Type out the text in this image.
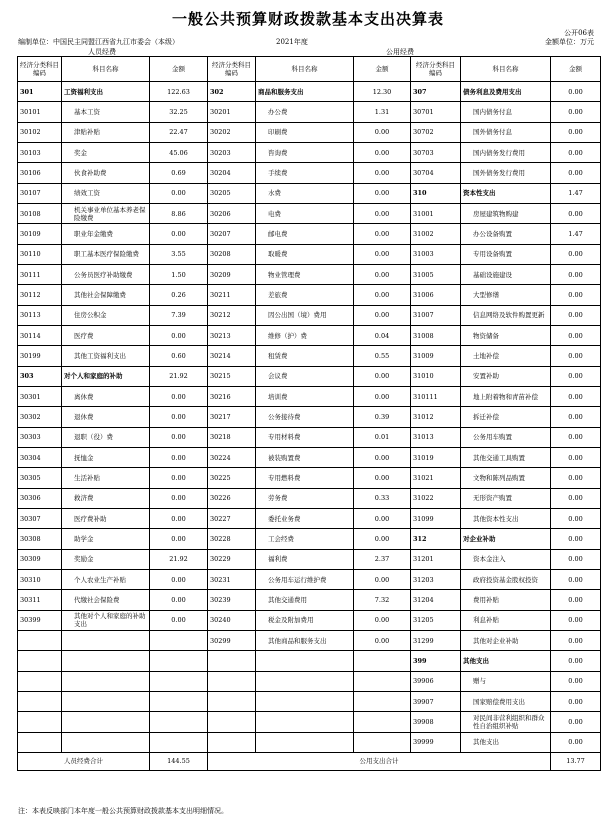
一般公共预算财政拨款基本支出决算表
公开06表
编制单位：中国民主同盟江西省九江市委会（本级）	2021年度	金额单位：万元
人员经费	公用经费
经济分类科目编码	科目名称	金额	经济分类科目编码	科目名称	金额	经济分类科目编码	科目名称	金额
301	工资福利支出	122.63	302	商品和服务支出	12.30	307	债务利息及费用支出	0.00
30101	基本工资	32.25	30201	办公费	1.31	30701	国内债务付息	0.00
30102	津贴补贴	22.47	30202	印刷费	0.00	30702	国外债务付息	0.00
30103	奖金	45.06	30203	咨询费	0.00	30703	国内债务发行费用	0.00
30106	伙食补助费	0.69	30204	手续费	0.00	30704	国外债务发行费用	0.00
30107	绩效工资	0.00	30205	水费	0.00	310	资本性支出	1.47
30108	机关事业单位基本养老保险缴费	8.86	30206	电费	0.00	31001	房屋建筑物购建	0.00
30109	职业年金缴费	0.00	30207	邮电费	0.00	31002	办公设备购置	1.47
30110	职工基本医疗保险缴费	3.55	30208	取暖费	0.00	31003	专用设备购置	0.00
30111	公务员医疗补助缴费	1.50	30209	物业管理费	0.00	31005	基础设施建设	0.00
30112	其他社会保障缴费	0.26	30211	差旅费	0.00	31006	大型修缮	0.00
30113	住房公积金	7.39	30212	因公出国（境）费用	0.00	31007	信息网络及软件购置更新	0.00
30114	医疗费	0.00	30213	维修（护）费	0.04	31008	物资储备	0.00
30199	其他工资福利支出	0.60	30214	租赁费	0.55	31009	土地补偿	0.00
303	对个人和家庭的补助	21.92	30215	会议费	0.00	31010	安置补助	0.00
30301	离休费	0.00	30216	培训费	0.00	310111	地上附着物和青苗补偿	0.00
30302	退休费	0.00	30217	公务接待费	0.39	31012	拆迁补偿	0.00
30303	退职（役）费	0.00	30218	专用材料费	0.01	31013	公务用车购置	0.00
30304	抚恤金	0.00	30224	被装购置费	0.00	31019	其他交通工具购置	0.00
30305	生活补贴	0.00	30225	专用燃料费	0.00	31021	文物和陈列品购置	0.00
30306	救济费	0.00	30226	劳务费	0.33	31022	无形资产购置	0.00
30307	医疗费补助	0.00	30227	委托业务费	0.00	31099	其他资本性支出	0.00
30308	助学金	0.00	30228	工会经费	0.00	312	对企业补助	0.00
30309	奖励金	21.92	30229	福利费	2.37	31201	资本金注入	0.00
30310	个人农业生产补贴	0.00	30231	公务用车运行维护费	0.00	31203	政府投资基金股权投资	0.00
30311	代缴社会保险费	0.00	30239	其他交通费用	7.32	31204	费用补贴	0.00
30399	其他对个人和家庭的补助支出	0.00	30240	税金及附加费用	0.00	31205	利息补贴	0.00
			30299	其他商品和服务支出	0.00	31299	其他对企业补助	0.00
						399	其他支出	0.00
						39906	赠与	0.00
						39907	国家赔偿费用支出	0.00
						39908	对民间非营利组织和群众性自治组织补贴	0.00
						39999	其他支出	0.00
人员经费合计		144.55	公用支出合计					13.77
注：本表反映部门本年度一般公共预算财政拨款基本支出明细情况。
